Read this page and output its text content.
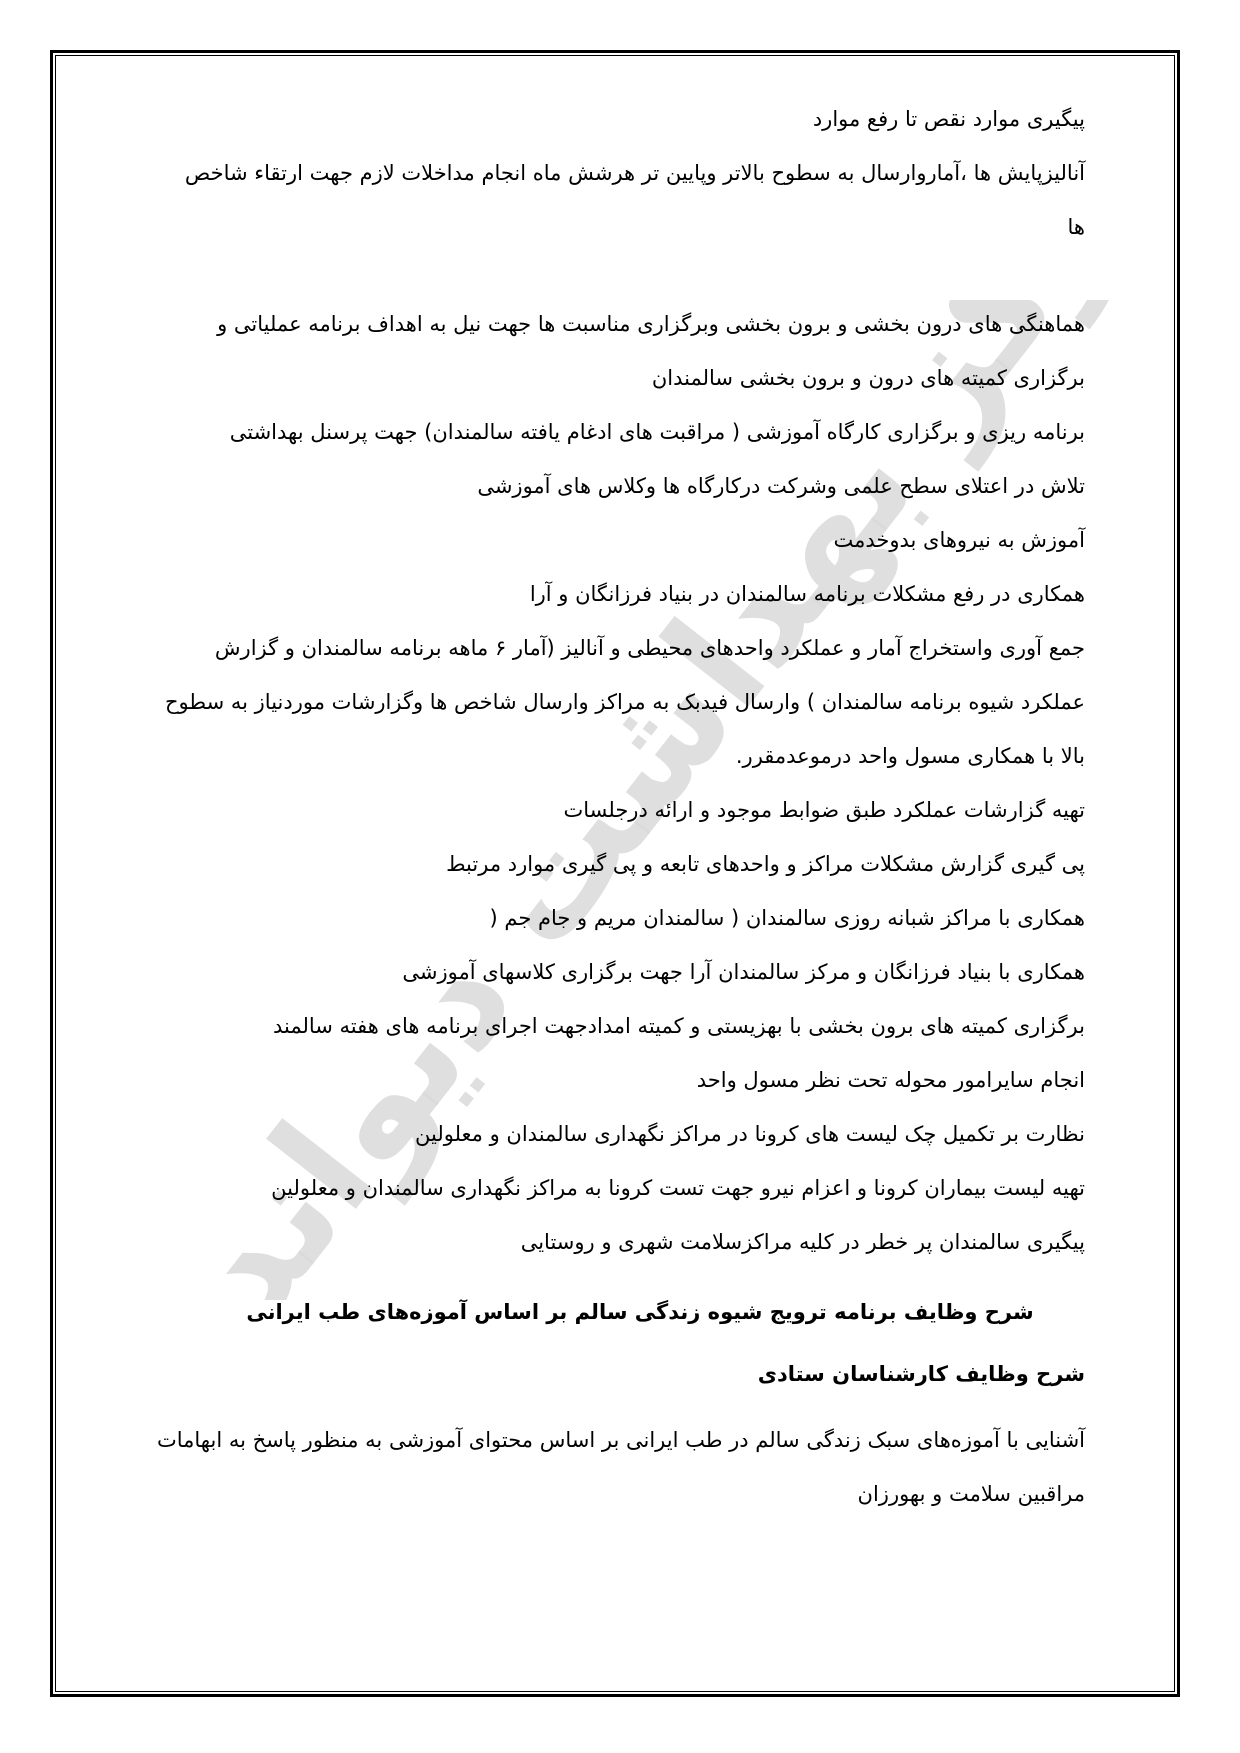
بهداشت دیواندره
پیگیری موارد نقص تا رفع موارد
آنالیزپایش ها ،آماروارسال به سطوح بالاتر وپایین تر هرشش ماه انجام مداخلات لازم جهت ارتقاء شاخص
ها
هماهنگی های درون بخشی و برون بخشی وبرگزاری مناسبت ها جهت نیل به اهداف برنامه عملیاتی و
برگزاری کمیته های درون و برون بخشی سالمندان
برنامه ریزی و برگزاری کارگاه آموزشی ( مراقبت های ادغام یافته سالمندان) جهت پرسنل بهداشتی
تلاش در اعتلای سطح علمی وشرکت درکارگاه ها وکلاس های آموزشی
آموزش به نیروهای بدوخدمت
همکاری در رفع مشکلات برنامه سالمندان در بنیاد فرزانگان و آرا
جمع آوری واستخراج آمار و عملکرد واحدهای محیطی و آنالیز (آمار ۶ ماهه برنامه سالمندان و گزارش
عملکرد شیوه برنامه سالمندان ) وارسال فیدبک به مراکز وارسال شاخص ها وگزارشات موردنیاز به سطوح
بالا با همکاری مسول واحد درموعدمقرر.
تهیه گزارشات عملکرد طبق ضوابط موجود و ارائه درجلسات
پی گیری گزارش مشکلات مراکز و واحدهای تابعه و پی گیری موارد مرتبط
همکاری با مراکز شبانه روزی سالمندان ( سالمندان مریم و جام جم (
همکاری با بنیاد فرزانگان و مرکز سالمندان آرا جهت برگزاری کلاسهای آموزشی
برگزاری کمیته های برون بخشی با بهزیستی و کمیته امدادجهت اجرای برنامه های هفته سالمند
انجام سایرامور محوله تحت نظر مسول واحد
نظارت بر تکمیل چک لیست های کرونا در مراکز نگهداری سالمندان و معلولین
تهیه لیست بیماران کرونا و اعزام نیرو جهت تست کرونا به مراکز نگهداری سالمندان و معلولین
پیگیری سالمندان پر خطر در کلیه مراکزسلامت شهری و روستایی
شرح وظایف برنامه ترویج شیوه زندگی سالم بر اساس آموزه‌های طب ایرانی
شرح وظایف کارشناسان ستادی
آشنایی با آموزه‌های سبک زندگی سالم در طب ایرانی بر اساس محتوای آموزشی به منظور پاسخ به ابهامات
مراقبین سلامت و بهورزان
